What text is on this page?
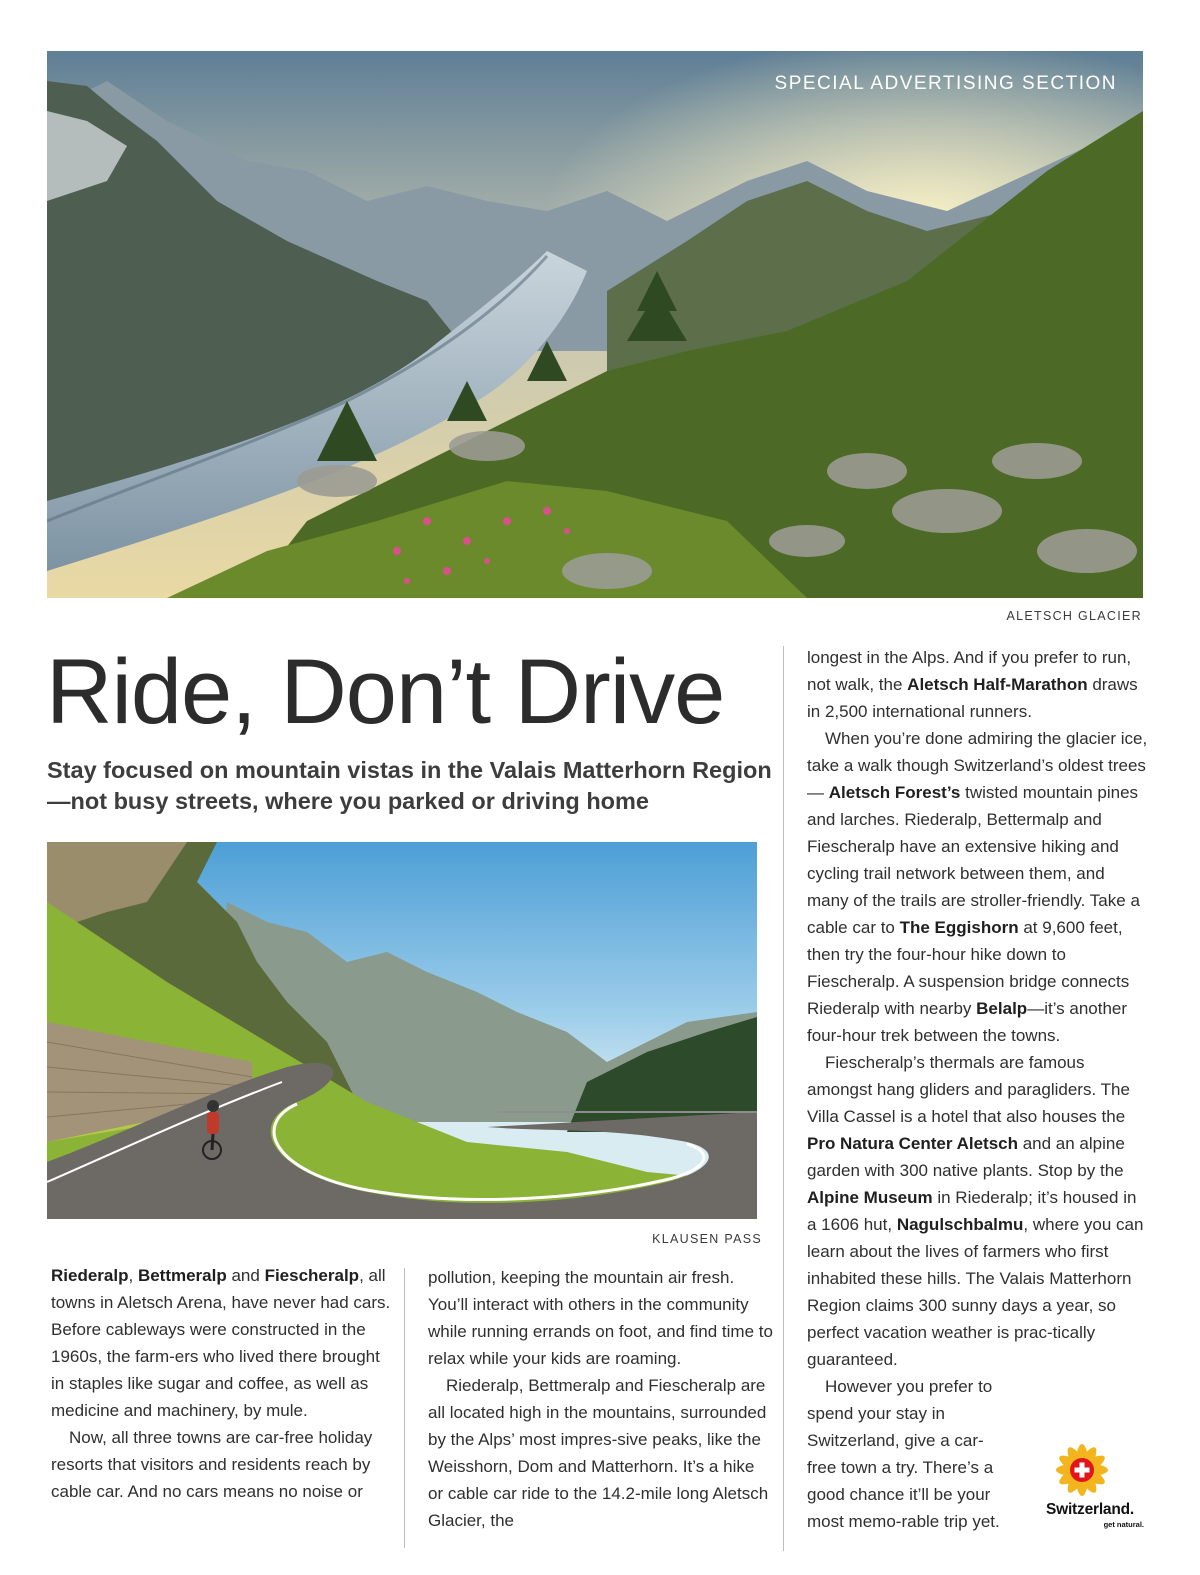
SPECIAL ADVERTISING SECTION
ALETSCH GLACIER
Ride, Don’t Drive

Stay focused on mountain vistas in the Valais Matterhorn Region—not busy streets, where you parked or driving home

KLAUSEN PASS

Riederalp, Bettmeralp and Fiescheralp, all towns in Aletsch Arena, have never had cars. Before cableways were constructed in the 1960s, the farm-ers who lived there brought in staples like sugar and coffee, as well as medicine and machinery, by mule.

Now, all three towns are car-free holiday resorts that visitors and residents reach by cable car. And no cars means no noise or

pollution, keeping the mountain air fresh. You’ll interact with others in the community while running errands on foot, and find time to relax while your kids are roaming.

Riederalp, Bettmeralp and Fiescheralp are all located high in the mountains, surrounded by the Alps’ most impres-sive peaks, like the Weisshorn, Dom and Matterhorn. It’s a hike or cable car ride to the 14.2-mile long Aletsch Glacier, the

longest in the Alps. And if you prefer to run, not walk, the Aletsch Half-Marathon draws in 2,500 international runners.

When you’re done admiring the glacier ice, take a walk though Switzerland’s oldest trees— Aletsch Forest’s twisted mountain pines and larches. Riederalp, Bettermalp and Fiescheralp have an extensive hiking and cycling trail network between them, and many of the trails are stroller-friendly. Take a cable car to The Eggishorn at 9,600 feet, then try the four-hour hike down to Fiescheralp. A suspension bridge connects Riederalp with nearby Belalp—it’s another four-hour trek between the towns.

Fiescheralp’s thermals are famous amongst hang gliders and paragliders. The Villa Cassel is a hotel that also houses the Pro Natura Center Aletsch and an alpine garden with 300 native plants. Stop by the Alpine Museum in Riederalp; it’s housed in a 1606 hut, Nagulschbalmu, where you can learn about the lives of farmers who first inhabited these hills. The Valais Matterhorn Region claims 300 sunny days a year, so perfect vacation weather is prac-tically guaranteed.

However you prefer to spend your stay in Switzerland, give a car-free town a try. There’s a good chance it’ll be your most memo-rable trip yet.

Switzerland.
get natural.
